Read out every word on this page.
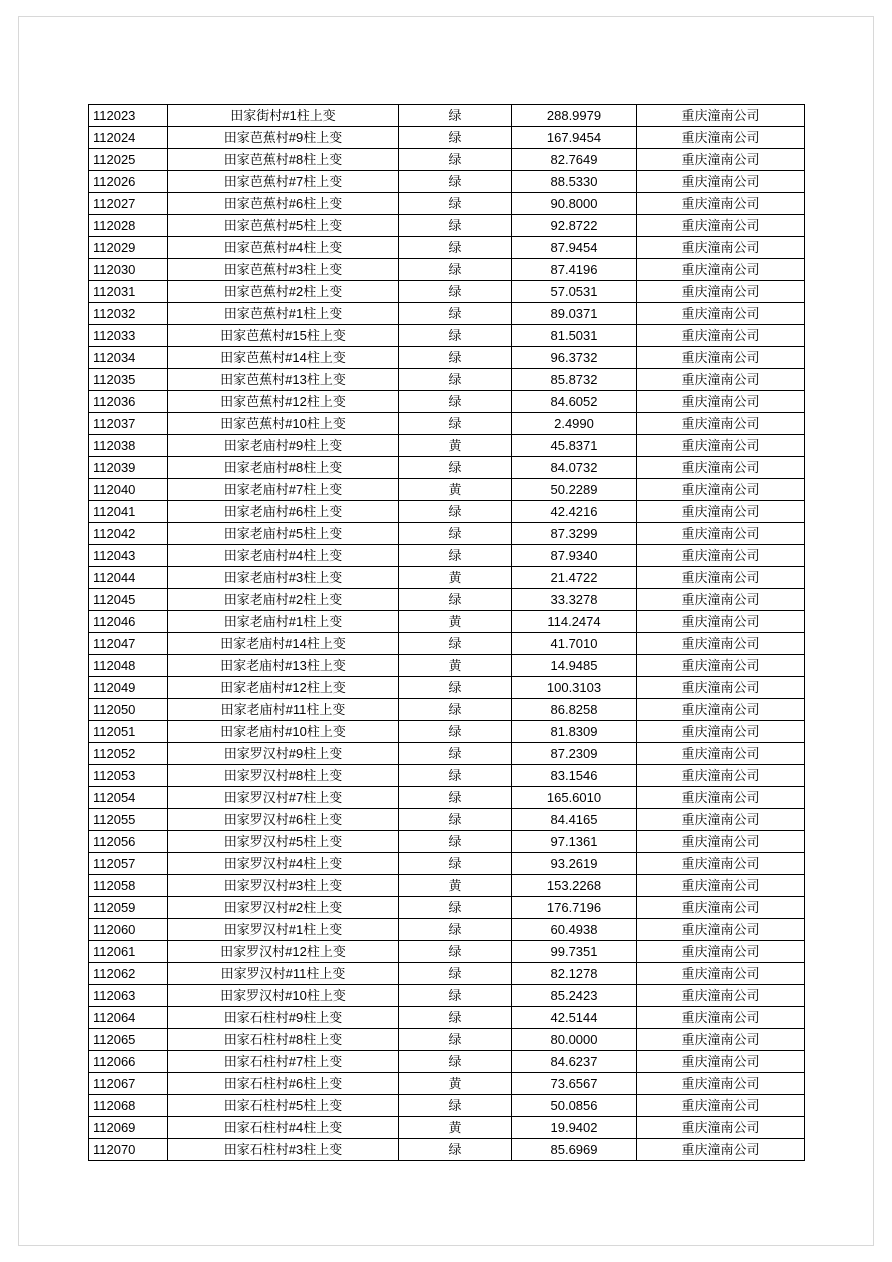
112023	田家街村#1柱上变	绿	288.9979	重庆潼南公司
112024	田家芭蕉村#9柱上变	绿	167.9454	重庆潼南公司
112025	田家芭蕉村#8柱上变	绿	82.7649	重庆潼南公司
112026	田家芭蕉村#7柱上变	绿	88.5330	重庆潼南公司
112027	田家芭蕉村#6柱上变	绿	90.8000	重庆潼南公司
112028	田家芭蕉村#5柱上变	绿	92.8722	重庆潼南公司
112029	田家芭蕉村#4柱上变	绿	87.9454	重庆潼南公司
112030	田家芭蕉村#3柱上变	绿	87.4196	重庆潼南公司
112031	田家芭蕉村#2柱上变	绿	57.0531	重庆潼南公司
112032	田家芭蕉村#1柱上变	绿	89.0371	重庆潼南公司
112033	田家芭蕉村#15柱上变	绿	81.5031	重庆潼南公司
112034	田家芭蕉村#14柱上变	绿	96.3732	重庆潼南公司
112035	田家芭蕉村#13柱上变	绿	85.8732	重庆潼南公司
112036	田家芭蕉村#12柱上变	绿	84.6052	重庆潼南公司
112037	田家芭蕉村#10柱上变	绿	2.4990	重庆潼南公司
112038	田家老庙村#9柱上变	黄	45.8371	重庆潼南公司
112039	田家老庙村#8柱上变	绿	84.0732	重庆潼南公司
112040	田家老庙村#7柱上变	黄	50.2289	重庆潼南公司
112041	田家老庙村#6柱上变	绿	42.4216	重庆潼南公司
112042	田家老庙村#5柱上变	绿	87.3299	重庆潼南公司
112043	田家老庙村#4柱上变	绿	87.9340	重庆潼南公司
112044	田家老庙村#3柱上变	黄	21.4722	重庆潼南公司
112045	田家老庙村#2柱上变	绿	33.3278	重庆潼南公司
112046	田家老庙村#1柱上变	黄	114.2474	重庆潼南公司
112047	田家老庙村#14柱上变	绿	41.7010	重庆潼南公司
112048	田家老庙村#13柱上变	黄	14.9485	重庆潼南公司
112049	田家老庙村#12柱上变	绿	100.3103	重庆潼南公司
112050	田家老庙村#11柱上变	绿	86.8258	重庆潼南公司
112051	田家老庙村#10柱上变	绿	81.8309	重庆潼南公司
112052	田家罗汉村#9柱上变	绿	87.2309	重庆潼南公司
112053	田家罗汉村#8柱上变	绿	83.1546	重庆潼南公司
112054	田家罗汉村#7柱上变	绿	165.6010	重庆潼南公司
112055	田家罗汉村#6柱上变	绿	84.4165	重庆潼南公司
112056	田家罗汉村#5柱上变	绿	97.1361	重庆潼南公司
112057	田家罗汉村#4柱上变	绿	93.2619	重庆潼南公司
112058	田家罗汉村#3柱上变	黄	153.2268	重庆潼南公司
112059	田家罗汉村#2柱上变	绿	176.7196	重庆潼南公司
112060	田家罗汉村#1柱上变	绿	60.4938	重庆潼南公司
112061	田家罗汉村#12柱上变	绿	99.7351	重庆潼南公司
112062	田家罗汉村#11柱上变	绿	82.1278	重庆潼南公司
112063	田家罗汉村#10柱上变	绿	85.2423	重庆潼南公司
112064	田家石柱村#9柱上变	绿	42.5144	重庆潼南公司
112065	田家石柱村#8柱上变	绿	80.0000	重庆潼南公司
112066	田家石柱村#7柱上变	绿	84.6237	重庆潼南公司
112067	田家石柱村#6柱上变	黄	73.6567	重庆潼南公司
112068	田家石柱村#5柱上变	绿	50.0856	重庆潼南公司
112069	田家石柱村#4柱上变	黄	19.9402	重庆潼南公司
112070	田家石柱村#3柱上变	绿	85.6969	重庆潼南公司
